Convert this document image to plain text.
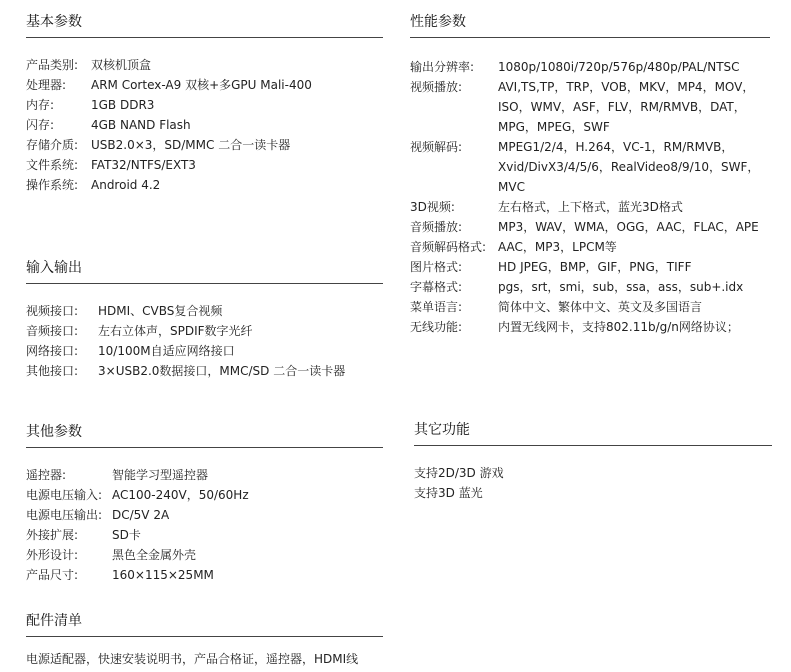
基本参数
产品类别:	双核机顶盒
处理器:	ARM Cortex-A9 双核+多GPU Mali-400
内存:	1GB DDR3
闪存:	4GB NAND Flash
存储介质:	USB2.0×3，SD/MMC 二合一读卡器
文件系统:	FAT32/NTFS/EXT3
操作系统:	Android 4.2
输入输出
视频接口:	HDMI、CVBS复合视频
音频接口:	左右立体声，SPDIF数字光纤
网络接口:	10/100M自适应网络接口
其他接口:	3×USB2.0数据接口，MMC/SD 二合一读卡器
其他参数
遥控器:	智能学习型遥控器
电源电压输入: AC100-240V，50/60Hz
电源电压输出: DC/5V 2A
外接扩展:	SD卡
外形设计:	黑色全金属外壳
产品尺寸:	160×115×25MM
配件清单
电源适配器，快速安装说明书，产品合格证，遥控器，HDMI线
性能参数
输出分辨率:	1080p/1080i/720p/576p/480p/PAL/NTSC
视频播放:	AVI,TS,TP，TRP，VOB，MKV，MP4，MOV，ISO，WMV，ASF，FLV，RM/RMVB，DAT，MPG，MPEG，SWF
视频解码:	MPEG1/2/4，H.264，VC-1，RM/RMVB，Xvid/DivX3/4/5/6，RealVideo8/9/10，SWF，MVC
3D视频:	左右格式，上下格式，蓝光3D格式
音频播放:	MP3，WAV，WMA，OGG，AAC，FLAC，APE
音频解码格式: AAC，MP3，LPCM等
图片格式:	HD JPEG，BMP，GIF，PNG，TIFF
字幕格式:	pgs，srt，smi，sub，ssa，ass，sub+.idx
菜单语言:	简体中文、繁体中文、英文及多国语言
无线功能:	内置无线网卡，支持802.11b/g/n网络协议；
其它功能
支持2D/3D 游戏
支持3D 蓝光
